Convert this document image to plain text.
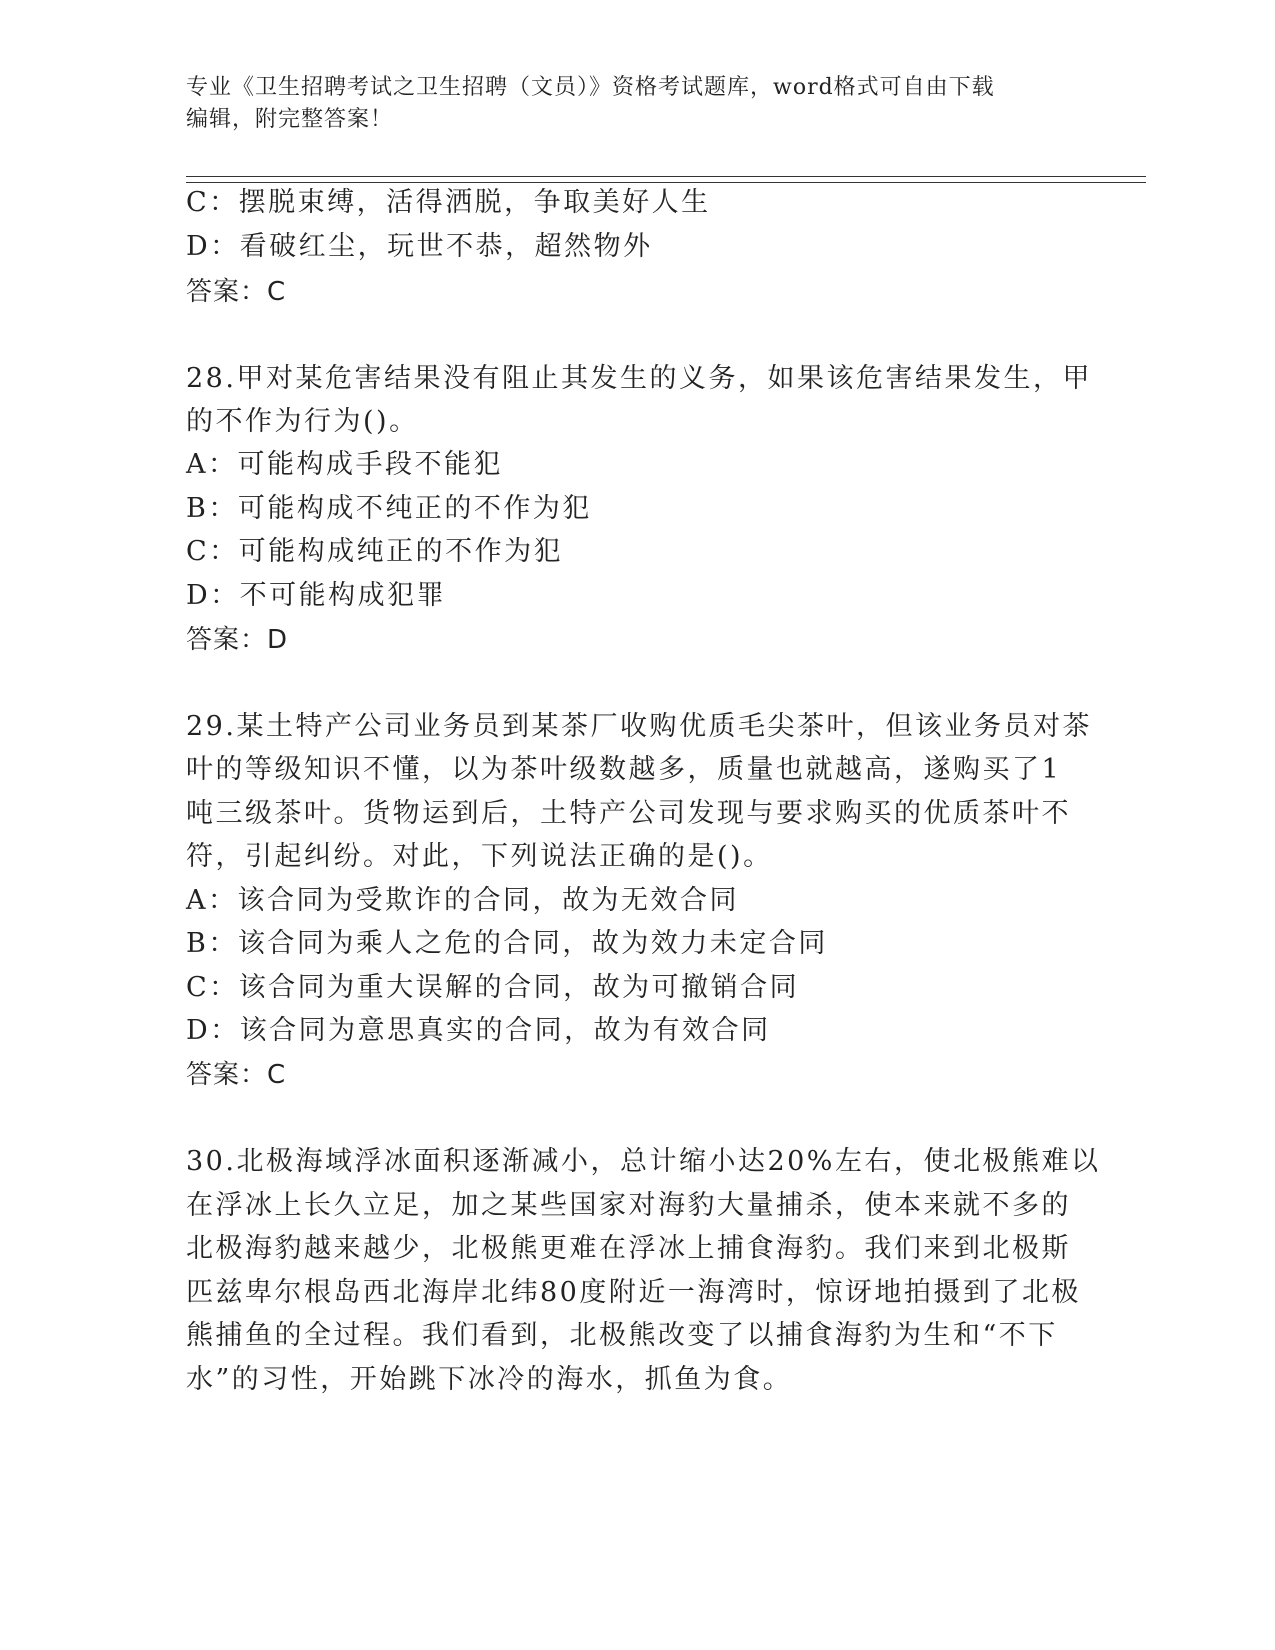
专业《卫生招聘考试之卫生招聘（文员）》资格考试题库，word格式可自由下载
编辑，附完整答案！
C：摆脱束缚，活得洒脱，争取美好人生
D：看破红尘，玩世不恭，超然物外
答案：C
28.甲对某危害结果没有阻止其发生的义务，如果该危害结果发生，甲
的不作为行为()。
A：可能构成手段不能犯
B：可能构成不纯正的不作为犯
C：可能构成纯正的不作为犯
D：不可能构成犯罪
答案：D
29.某土特产公司业务员到某茶厂收购优质毛尖茶叶，但该业务员对茶
叶的等级知识不懂，以为茶叶级数越多，质量也就越高，遂购买了1
吨三级茶叶。货物运到后，土特产公司发现与要求购买的优质茶叶不
符，引起纠纷。对此，下列说法正确的是()。
A：该合同为受欺诈的合同，故为无效合同
B：该合同为乘人之危的合同，故为效力未定合同
C：该合同为重大误解的合同，故为可撤销合同
D：该合同为意思真实的合同，故为有效合同
答案：C
30.北极海域浮冰面积逐渐减小，总计缩小达20%左右，使北极熊难以
在浮冰上长久立足，加之某些国家对海豹大量捕杀，使本来就不多的
北极海豹越来越少，北极熊更难在浮冰上捕食海豹。我们来到北极斯
匹兹卑尔根岛西北海岸北纬80度附近一海湾时，惊讶地拍摄到了北极
熊捕鱼的全过程。我们看到，北极熊改变了以捕食海豹为生和“不下
水”的习性，开始跳下冰冷的海水，抓鱼为食。
